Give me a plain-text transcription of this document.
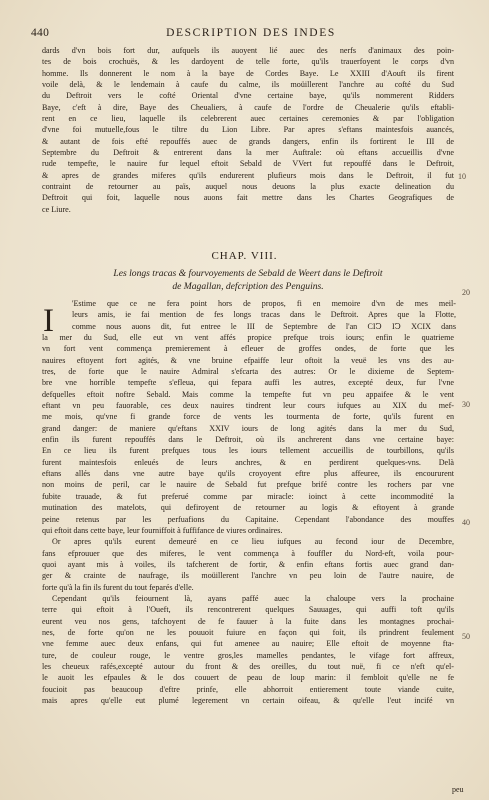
440	DESCRIPTION DES INDES
dards d'vn bois fort dur, aufquels ils auoyent lié auec des nerfs d'animaux des poin-
tes de bois crochuës, & les dardoyent de telle forte, qu'ils trauerfoyent le corps d'vn
homme. Ils donnerent le nom à la baye de Cordes Baye. Le XXIII d'Aouft ils firent
voile delà, & le lendemain à caufe du calme, ils moüillerent l'anchre au cofté du Sud
du Deftroit vers le cofté Oriental d'vne certaine baye, qu'ils nommerent Ridders
Baye, c'eft à dire, Baye des Cheualiers, à caufe de l'ordre de Cheualerie qu'ils eftabli-
rent en ce lieu, laquelle ils celebrerent auec certaines ceremonies & par l'obligation
d'vne foi mutuelle,fous le tiltre du Lion Libre. Par apres s'eftans maintesfois auancés,
& autant de fois efté repouffés auec de grands dangers, enfin ils fortirent le III de
Septembre du Deftroit & entrerent dans la mer Auftrale: où eftans accueillis d'vne
rude tempefte, le nauire fur lequel eftoit Sebald de VVert fut repouffé dans le Deftroit,
& apres de grandes miferes qu'ils endurerent plufieurs mois dans le Deftroit, il fut
contraint de retourner au païs, auquel nous deuons la plus exacte delineation du
Deftroit qui foit, laquelle nous auons fait mettre dans les Chartes Geografiques de
ce Liure.
CHAP. VIII.
Les longs tracas & fourvoyements de Sebald de Weert dans le Deftroit
de Magallan, defcription des Penguins.
I	'Estime que ce ne fera point hors de propos, fi en memoire d'vn de mes meil-
leurs amis, ie fai mention de fes longs tracas dans le Deftroit. Apres que la Flotte,
comme nous auons dit, fut entree le III de Septembre de l'an CIↃ IↃ XCIX dans
la mer du Sud, elle eut vn vent affés propice prefque trois iours; enfin le quatrieme
vn fort vent commença premierement à efleuer de groffes ondes, de forte que les
nauires eftoyent fort agités, & vne bruine efpaiffe leur oftoit la veuë les vns des au-
tres, de forte que le nauire Admiral s'efcarta des autres: Or le dixieme de Septem-
bre vne horrible tempefte s'efleua, qui fepara auffi les autres, excepté deux, fur l'vne
defquelles eftoit noftre Sebald. Mais comme la tempefte fut vn peu appaifee & le vent
eftant vn peu fauorable, ces deux nauires tindrent leur cours iufques au XIX du mef-
me mois, qu'vne fi grande force de vents les tourmenta de forte, qu'ils furent en
grand danger: de maniere qu'eftans XXIV iours de long agités dans la mer du Sud,
enfin ils furent repouffés dans le Deftroit, où ils anchrerent dans vne certaine baye:
En ce lieu ils furent prefques tous les iours tellement accueillis de tourbillons, qu'ils
furent maintesfois enleués de leurs anchres, & en perdirent quelques-vns. Delà
eftans allés dans vne autre baye qu'ils croyoyent eftre plus affeuree, ils encoururent
non moins de peril, car le nauire de Sebald fut prefque brifé contre les rochers par vne
fubite trauade, & fut preferué comme par miracle: ioinct à cette incommodité la
mutination des matelots, qui defiroyent de retourner au logis & eftoyent à grande
peine retenus par les perfuafions du Capitaine. Cependant l'abondance des mouffes
qui eftoit dans cette baye, leur fourniffoit à fuffifance de viures ordinaires.
Or apres qu'ils eurent demeuré en ce lieu iufques au fecond iour de Decembre,
fans efprouuer que des miferes, le vent commença à fouffler du Nord-eft, voila pour-
quoi ayant mis à voiles, ils tafcherent de fortir, & enfin eftans fortis auec grand dan-
ger & crainte de naufrage, ils moüillerent l'anchre vn peu loin de l'autre nauire, de
forte qu'à la fin ils furent du tout feparés d'elle.
Cependant qu'ils feiournent là, ayans paffé auec la chaloupe vers la prochaine
terre qui eftoit à l'Oueft, ils rencontrerent quelques Sauuages, qui auffi toft qu'ils
eurent veu nos gens, tafchoyent de fe fauuer à la fuite dans les montagnes prochai-
nes, de forte qu'on ne les pouuoit fuiure en façon qui foit, ils prindrent feulement
vne femme auec deux enfans, qui fut amenee au nauire; Elle eftoit de moyenne fta-
ture, de couleur rouge, le ventre gros,les mamelles pendantes, le vifage fort affreux,
les cheueux rafés,excepté autour du front & des oreilles, du tout nuë, fi ce n'eft qu'el-
le auoit les efpaules & le dos couuert de peau de loup marin: il fembloit qu'elle ne fe
foucioit pas beaucoup d'eftre prinfe, elle abhorroit entierement toute viande cuite,
mais apres qu'elle eut plumé legerement vn certain oifeau, & qu'elle l'eut incifé vn
10
20
30
40
50
peu
